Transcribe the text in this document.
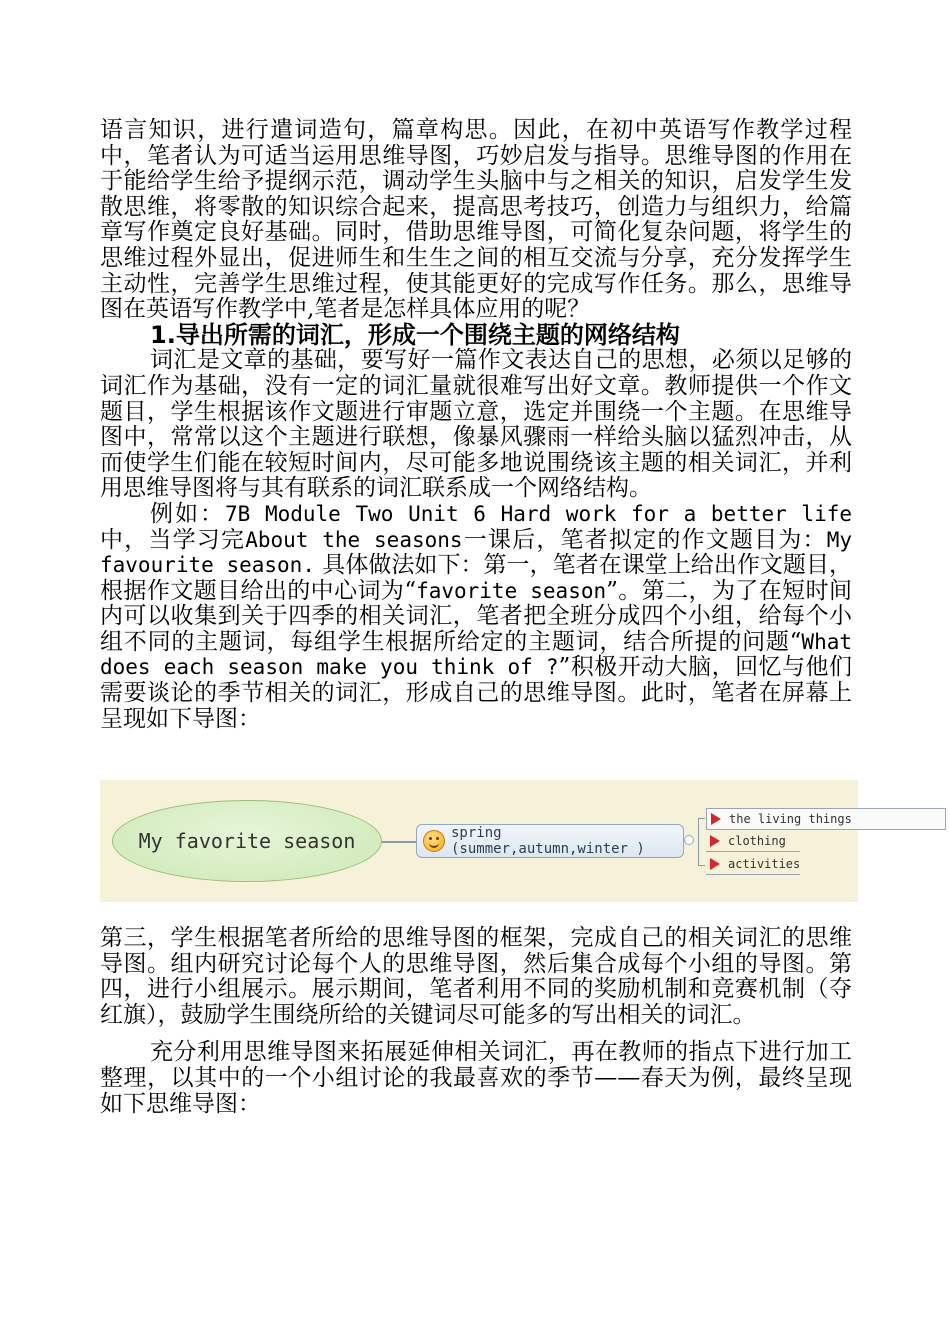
语言知识，进行遣词造句，篇章构思。因此，在初中英语写作教学过程中，笔者认为可适当运用思维导图，巧妙启发与指导。思维导图的作用在于能给学生给予提纲示范，调动学生头脑中与之相关的知识，启发学生发散思维，将零散的知识综合起来，提高思考技巧，创造力与组织力，给篇章写作奠定良好基础。同时，借助思维导图，可简化复杂问题，将学生的思维过程外显出，促进师生和生生之间的相互交流与分享，充分发挥学生主动性，完善学生思维过程，使其能更好的完成写作任务。那么，思维导图在英语写作教学中,笔者是怎样具体应用的呢？

1.导出所需的词汇，形成一个围绕主题的网络结构

词汇是文章的基础，要写好一篇作文表达自己的思想，必须以足够的词汇作为基础，没有一定的词汇量就很难写出好文章。教师提供一个作文题目，学生根据该作文题进行审题立意，选定并围绕一个主题。在思维导图中，常常以这个主题进行联想，像暴风骤雨一样给头脑以猛烈冲击，从而使学生们能在较短时间内，尽可能多地说围绕该主题的相关词汇，并利用思维导图将与其有联系的词汇联系成一个网络结构。

例如：7B Module Two Unit 6 Hard work for a better life中，当学习完About the seasons一课后，笔者拟定的作文题目为：My favourite season. 具体做法如下：第一，笔者在课堂上给出作文题目，根据作文题目给出的中心词为“favorite season”。第二，为了在短时间内可以收集到关于四季的相关词汇，笔者把全班分成四个小组，给每个小组不同的主题词，每组学生根据所给定的主题词，结合所提的问题“What does each season make you think of ?”积极开动大脑，回忆与他们需要谈论的季节相关的词汇，形成自己的思维导图。此时，笔者在屏幕上呈现如下导图：

My favorite season	spring (summer,autumn,winter )
the living things
clothing
activities

第三，学生根据笔者所给的思维导图的框架，完成自己的相关词汇的思维导图。组内研究讨论每个人的思维导图，然后集合成每个小组的导图。第四，进行小组展示。展示期间，笔者利用不同的奖励机制和竞赛机制（夺红旗），鼓励学生围绕所给的关键词尽可能多的写出相关的词汇。

充分利用思维导图来拓展延伸相关词汇，再在教师的指点下进行加工整理，以其中的一个小组讨论的我最喜欢的季节——春天为例，最终呈现如下思维导图：
